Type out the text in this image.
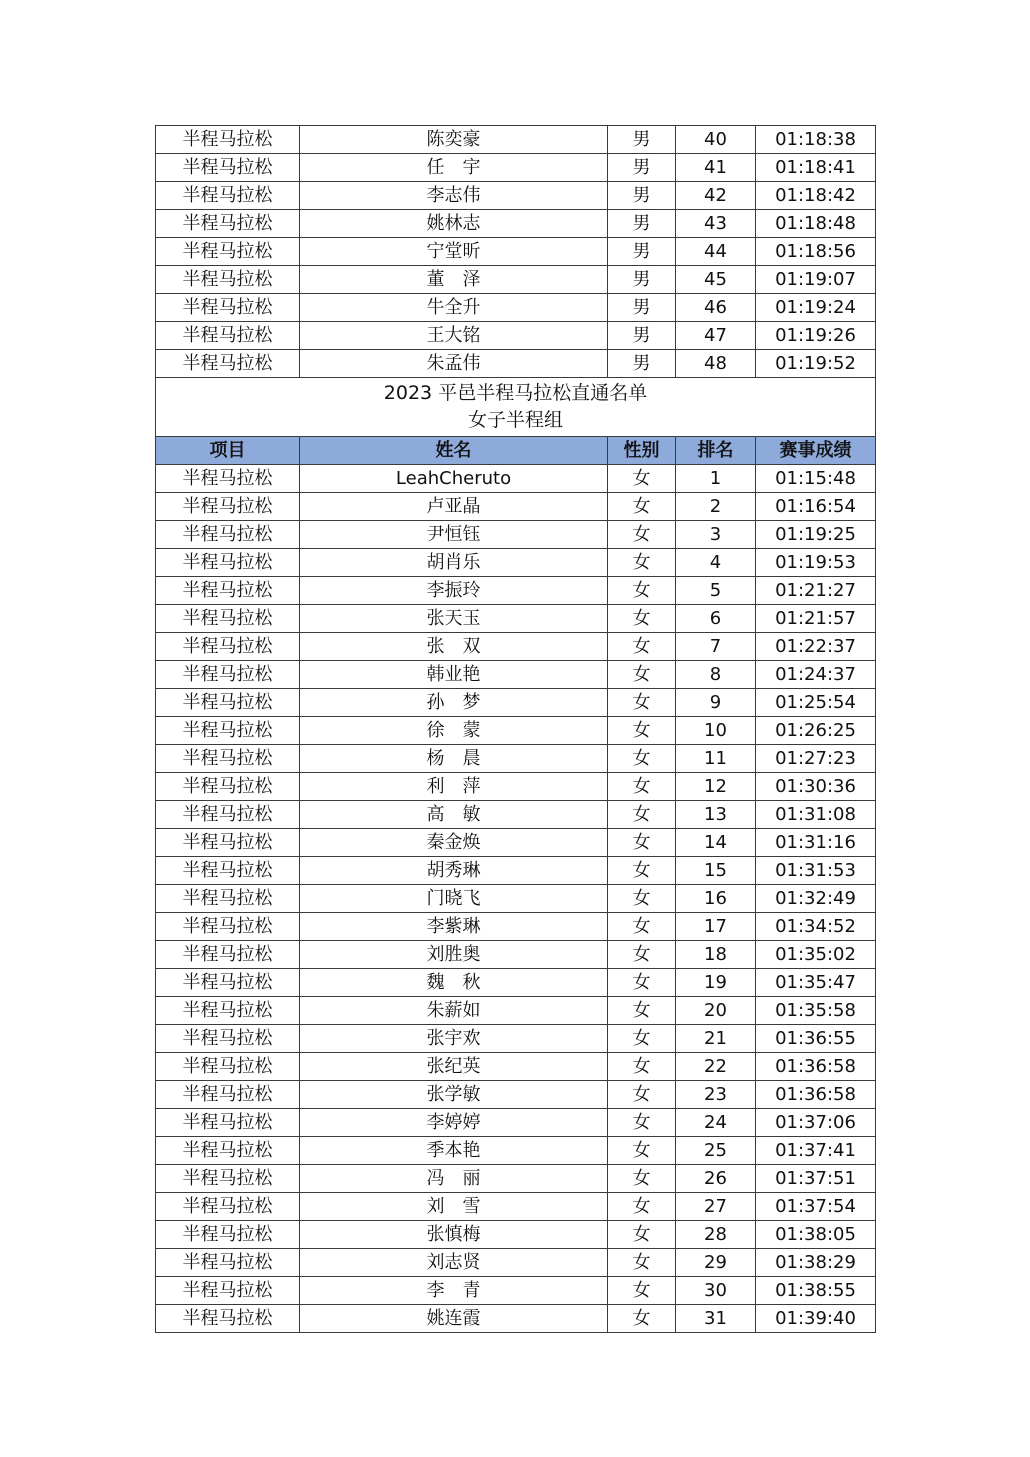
半程马拉松	陈奕豪	男	40	01:18:38
半程马拉松	任　宇	男	41	01:18:41
半程马拉松	李志伟	男	42	01:18:42
半程马拉松	姚林志	男	43	01:18:48
半程马拉松	宁堂昕	男	44	01:18:56
半程马拉松	董　泽	男	45	01:19:07
半程马拉松	牛全升	男	46	01:19:24
半程马拉松	王大铭	男	47	01:19:26
半程马拉松	朱孟伟	男	48	01:19:52

2023 平邑半程马拉松直通名单
女子半程组				

项目	姓名	性别	排名	赛事成绩
半程马拉松	LeahCheruto	女	1	01:15:48
半程马拉松	卢亚晶	女	2	01:16:54
半程马拉松	尹恒钰	女	3	01:19:25
半程马拉松	胡肖乐	女	4	01:19:53
半程马拉松	李振玲	女	5	01:21:27
半程马拉松	张天玉	女	6	01:21:57
半程马拉松	张　双	女	7	01:22:37
半程马拉松	韩业艳	女	8	01:24:37
半程马拉松	孙　梦	女	9	01:25:54
半程马拉松	徐　蒙	女	10	01:26:25
半程马拉松	杨　晨	女	11	01:27:23
半程马拉松	利　萍	女	12	01:30:36
半程马拉松	高　敏	女	13	01:31:08
半程马拉松	秦金焕	女	14	01:31:16
半程马拉松	胡秀琳	女	15	01:31:53
半程马拉松	门晓飞	女	16	01:32:49
半程马拉松	李紫琳	女	17	01:34:52
半程马拉松	刘胜奥	女	18	01:35:02
半程马拉松	魏　秋	女	19	01:35:47
半程马拉松	朱薪如	女	20	01:35:58
半程马拉松	张宇欢	女	21	01:36:55
半程马拉松	张纪英	女	22	01:36:58
半程马拉松	张学敏	女	23	01:36:58
半程马拉松	李婷婷	女	24	01:37:06
半程马拉松	季本艳	女	25	01:37:41
半程马拉松	冯　丽	女	26	01:37:51
半程马拉松	刘　雪	女	27	01:37:54
半程马拉松	张慎梅	女	28	01:38:05
半程马拉松	刘志贤	女	29	01:38:29
半程马拉松	李　青	女	30	01:38:55
半程马拉松	姚连霞	女	31	01:39:40
